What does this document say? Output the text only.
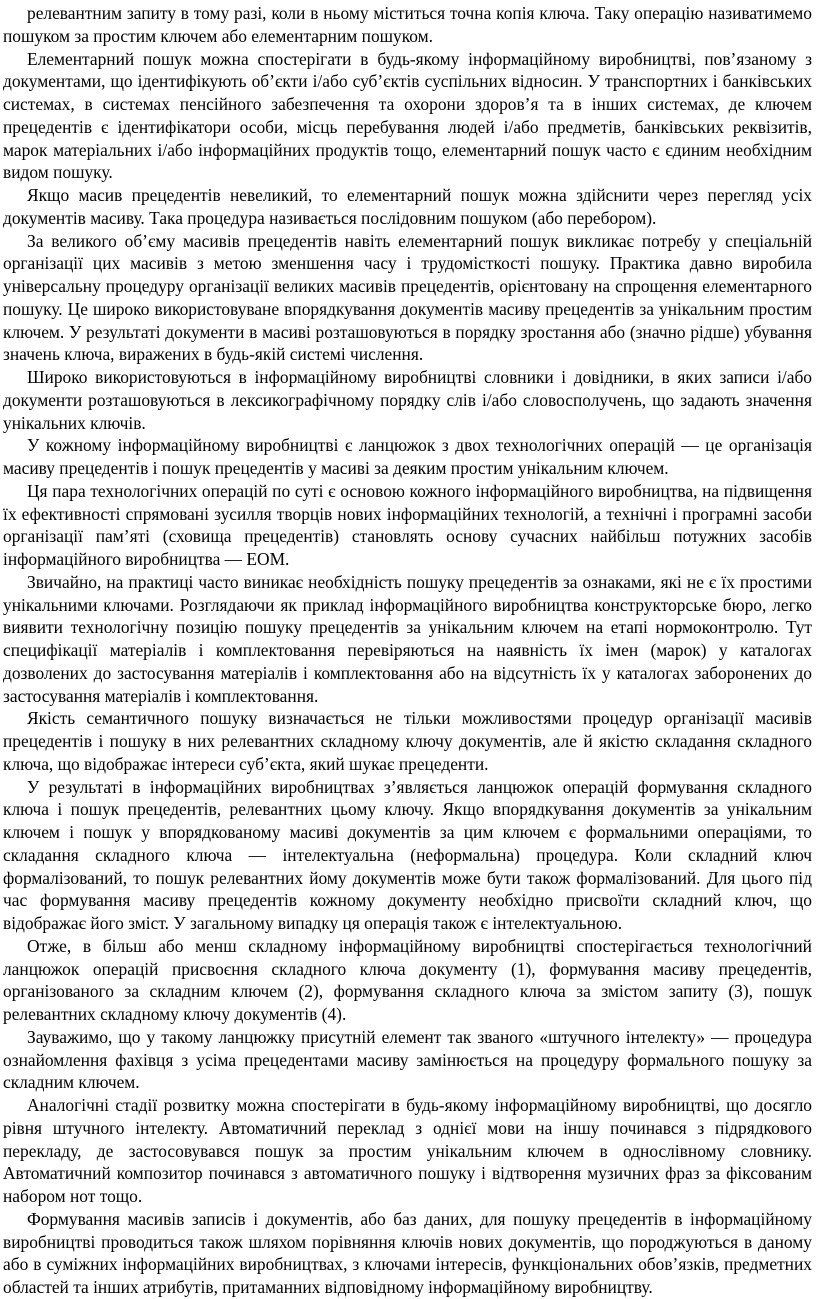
релевантним запиту в тому разі, коли в ньому міститься точна копія ключа. Таку операцію називатимемо пошуком за простим ключем або елементарним пошуком.

Елементарний пошук можна спостерігати в будь-якому інформаційному виробництві, пов’язаному з документами, що ідентифікують об’єкти і/або суб’єктів суспільних відносин. У транспортних і банківських системах, в системах пенсійного забезпечення та охорони здоров’я та в інших системах, де ключем прецедентів є ідентифікатори особи, місць перебування людей і/або предметів, банківських реквізитів, марок матеріальних і/або інформаційних продуктів тощо, елементарний пошук часто є єдиним необхідним видом пошуку.

Якщо масив прецедентів невеликий, то елементарний пошук можна здійснити через перегляд усіх документів масиву. Така процедура називається послідовним пошуком (або перебором).

За великого об’єму масивів прецедентів навіть елементарний пошук викликає потребу у спеціальній організації цих масивів з метою зменшення часу і трудомісткості пошуку. Практика давно виробила універсальну процедуру організації великих масивів прецедентів, орієнтовану на спрощення елементарного пошуку. Це широко використовуване впорядкування документів масиву прецедентів за унікальним простим ключем. У результаті документи в масиві розташовуються в порядку зростання або (значно рідше) убування значень ключа, виражених в будь-якій системі числення.

Широко використовуються в інформаційному виробництві словники і довідники, в яких записи і/або документи розташовуються в лексикографічному порядку слів і/або словосполучень, що задають значення унікальних ключів.

У кожному інформаційному виробництві є ланцюжок з двох технологічних операцій — це організація масиву прецедентів і пошук прецедентів у масиві за деяким простим унікальним ключем.

Ця пара технологічних операцій по суті є основою кожного інформаційного виробництва, на підвищення їх ефективності спрямовані зусилля творців нових інформаційних технологій, а технічні і програмні засоби організації пам’яті (сховища прецедентів) становлять основу сучасних найбільш потужних засобів інформаційного виробництва — ЕОМ.

Звичайно, на практиці часто виникає необхідність пошуку прецедентів за ознаками, які не є їх простими унікальними ключами. Розглядаючи як приклад інформаційного виробництва конструкторське бюро, легко виявити технологічну позицію пошуку прецедентів за унікальним ключем на етапі нормоконтролю. Тут специфікації матеріалів і комплектовання перевіряються на наявність їх імен (марок) у каталогах дозволених до застосування матеріалів і комплектовання або на відсутність їх у каталогах заборонених до застосування матеріалів і комплектовання.

Якість семантичного пошуку визначається не тільки можливостями процедур організації масивів прецедентів і пошуку в них релевантних складному ключу документів, але й якістю складання складного ключа, що відображає інтереси суб’єкта, який шукає прецеденти.

У результаті в інформаційних виробництвах з’являється ланцюжок операцій формування складного ключа і пошук прецедентів, релевантних цьому ключу. Якщо впорядкування документів за унікальним ключем і пошук у впорядкованому масиві документів за цим ключем є формальними операціями, то складання складного ключа — інтелектуальна (неформальна) процедура. Коли складний ключ формалізований, то пошук релевантних йому документів може бути також формалізований. Для цього під час формування масиву прецедентів кожному документу необхідно присвоїти складний ключ, що відображає його зміст. У загальному випадку ця операція також є інтелектуальною.

Отже, в більш або менш складному інформаційному виробництві спостерігається технологічний ланцюжок операцій присвоєння складного ключа документу (1), формування масиву прецедентів, організованого за складним ключем (2), формування складного ключа за змістом запиту (3), пошук релевантних складному ключу документів (4).

Зауважимо, що у такому ланцюжку присутній елемент так званого «штучного інтелекту» — процедура ознайомлення фахівця з усіма прецедентами масиву замінюється на процедуру формального пошуку за складним ключем.

Аналогічні стадії розвитку можна спостерігати в будь-якому інформаційному виробництві, що досягло рівня штучного інтелекту. Автоматичний переклад з однієї мови на іншу починався з підрядкового перекладу, де застосовувався пошук за простим унікальним ключем в однослівному словнику. Автоматичний композитор починався з автоматичного пошуку і відтворення музичних фраз за фіксованим набором нот тощо.

Формування масивів записів і документів, або баз даних, для пошуку прецедентів в інформаційному виробництві проводиться також шляхом порівняння ключів нових документів, що породжуються в даному або в суміжних інформаційних виробництвах, з ключами інтересів, функціональних обов’язків, предметних областей та інших атрибутів, притаманних відповідному інформаційному виробництву.
